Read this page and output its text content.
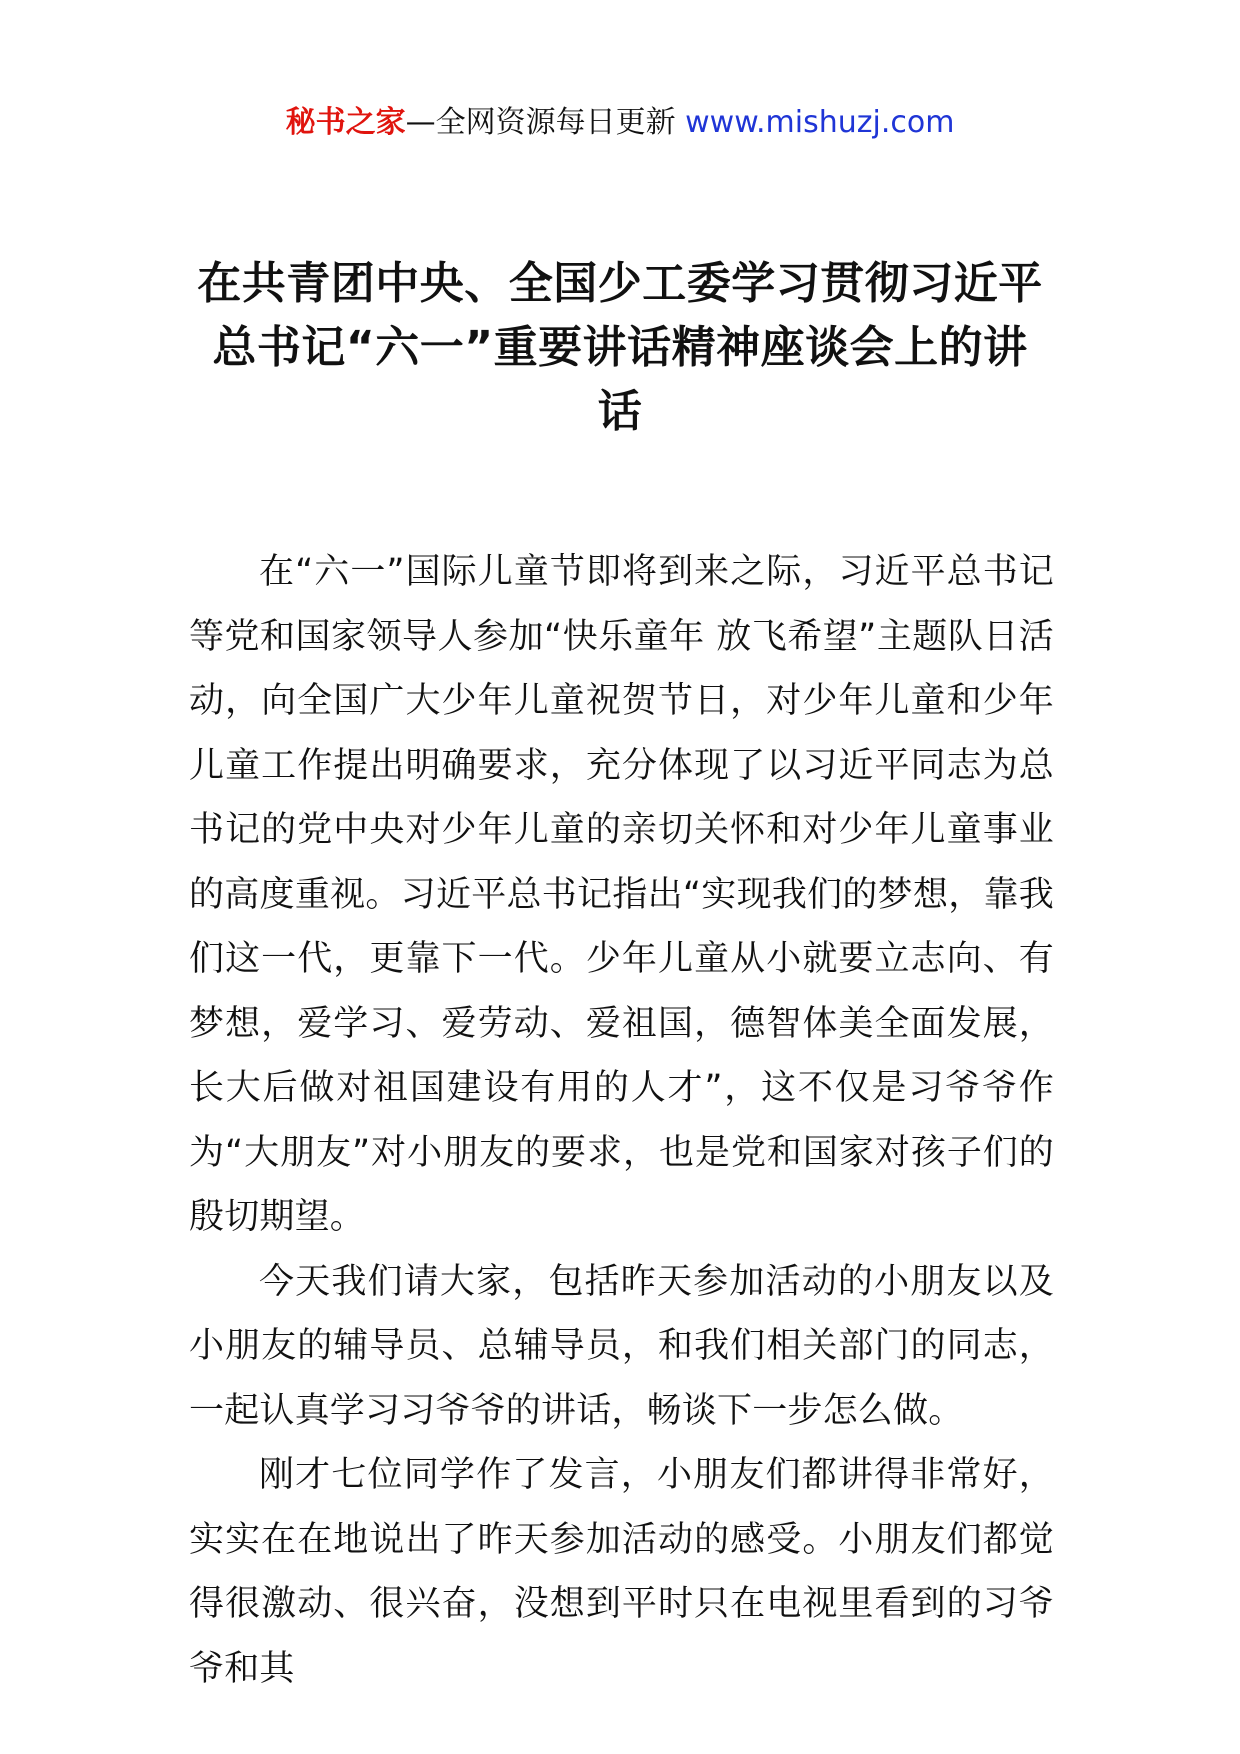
秘书之家—全网资源每日更新 www.mishuzj.com
在共青团中央、全国少工委学习贯彻习近平
总书记“六一”重要讲话精神座谈会上的讲
话

在“六一”国际儿童节即将到来之际，习近平总书记等党和国家领导人参加“快乐童年 放飞希望”主题队日活动，向全国广大少年儿童祝贺节日，对少年儿童和少年儿童工作提出明确要求，充分体现了以习近平同志为总书记的党中央对少年儿童的亲切关怀和对少年儿童事业的高度重视。习近平总书记指出“实现我们的梦想，靠我们这一代，更靠下一代。少年儿童从小就要立志向、有梦想，爱学习、爱劳动、爱祖国，德智体美全面发展，长大后做对祖国建设有用的人才”，这不仅是习爷爷作为“大朋友”对小朋友的要求，也是党和国家对孩子们的殷切期望。

今天我们请大家，包括昨天参加活动的小朋友以及小朋友的辅导员、总辅导员，和我们相关部门的同志，一起认真学习习爷爷的讲话，畅谈下一步怎么做。

刚才七位同学作了发言，小朋友们都讲得非常好，实实在在地说出了昨天参加活动的感受。小朋友们都觉得很激动、很兴奋，没想到平时只在电视里看到的习爷爷和其
